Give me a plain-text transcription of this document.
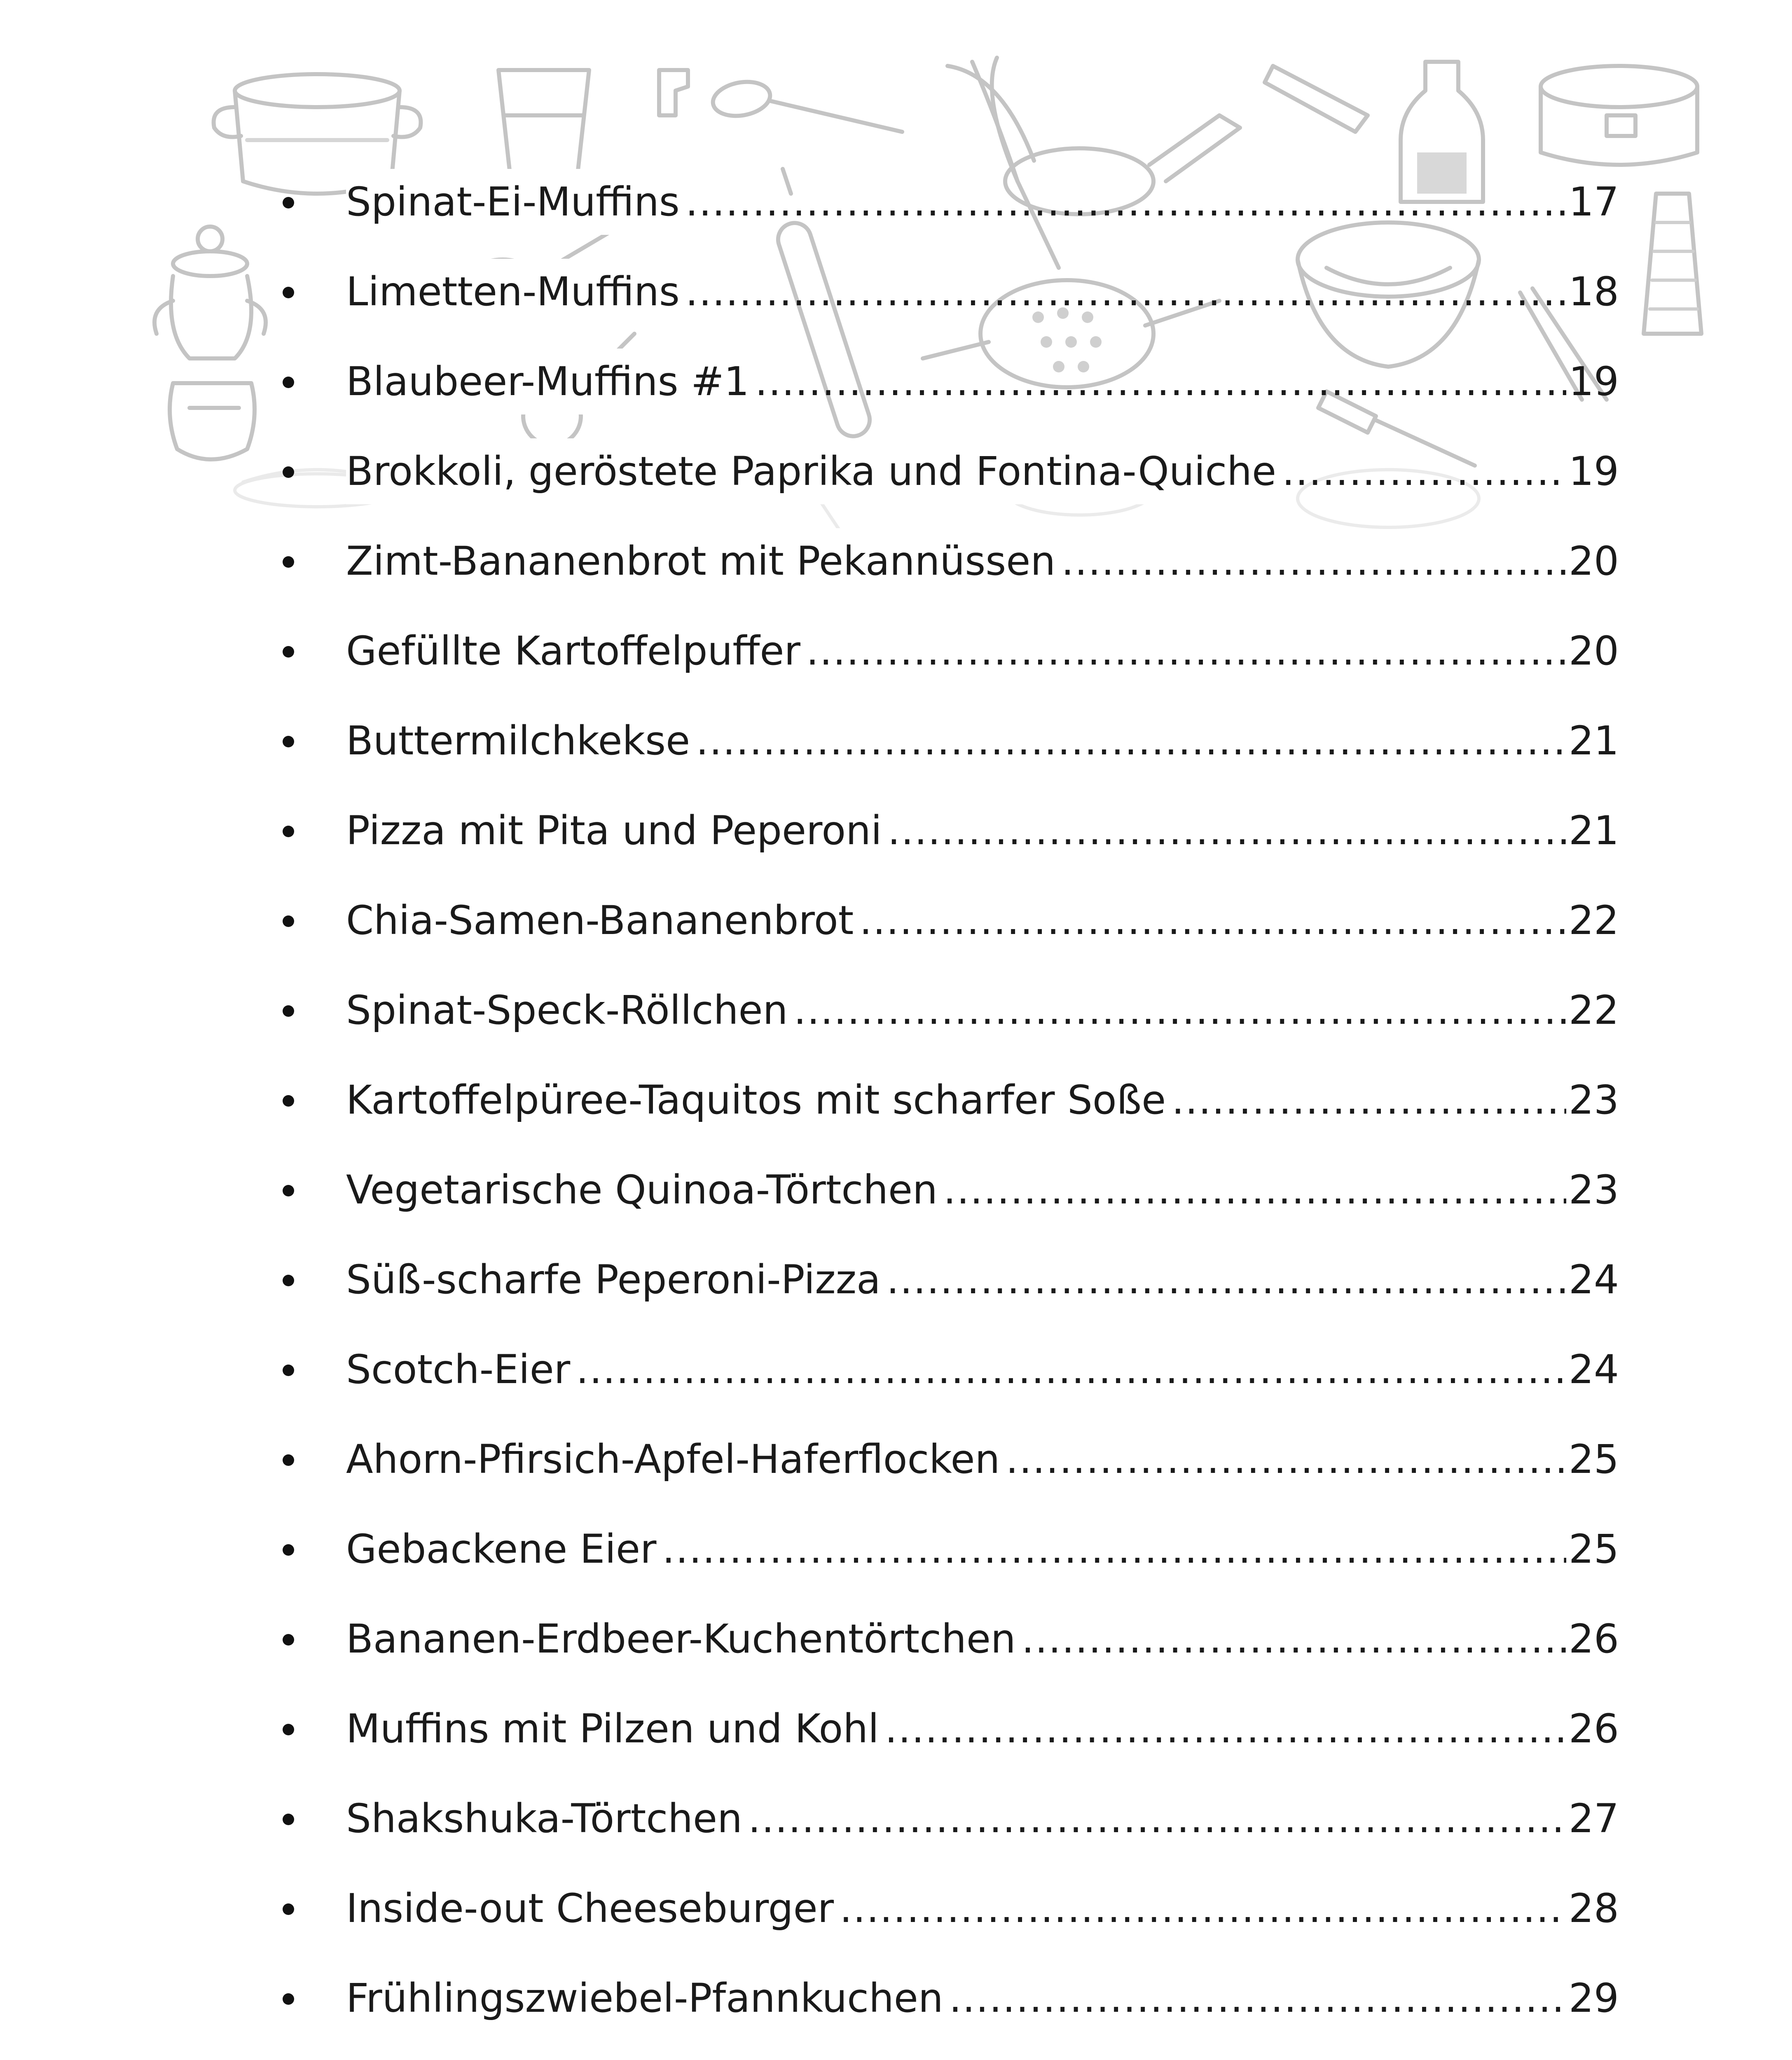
Spinat-Ei-Muffins .....	17
Limetten-Muffins .....	18
Blaubeer-Muffins #1 .....	19
Brokkoli, geröstete Paprika und Fontina-Quiche .....	19
Zimt-Bananenbrot mit Pekannüssen .....	20
Gefüllte Kartoffelpuffer .....	20
Buttermilchkekse .....	21
Pizza mit Pita und Peperoni .....	21
Chia-Samen-Bananenbrot .....	22
Spinat-Speck-Röllchen .....	22
Kartoffelpüree-Taquitos mit scharfer Soße .....	23
Vegetarische Quinoa-Törtchen .....	23
Süß-scharfe Peperoni-Pizza .....	24
Scotch-Eier .....	24
Ahorn-Pfirsich-Apfel-Haferflocken .....	25
Gebackene Eier .....	25
Bananen-Erdbeer-Kuchentörtchen .....	26
Muffins mit Pilzen und Kohl .....	26
Shakshuka-Törtchen .....	27
Inside-out Cheeseburger .....	28
Frühlingszwiebel-Pfannkuchen .....	29
.....
